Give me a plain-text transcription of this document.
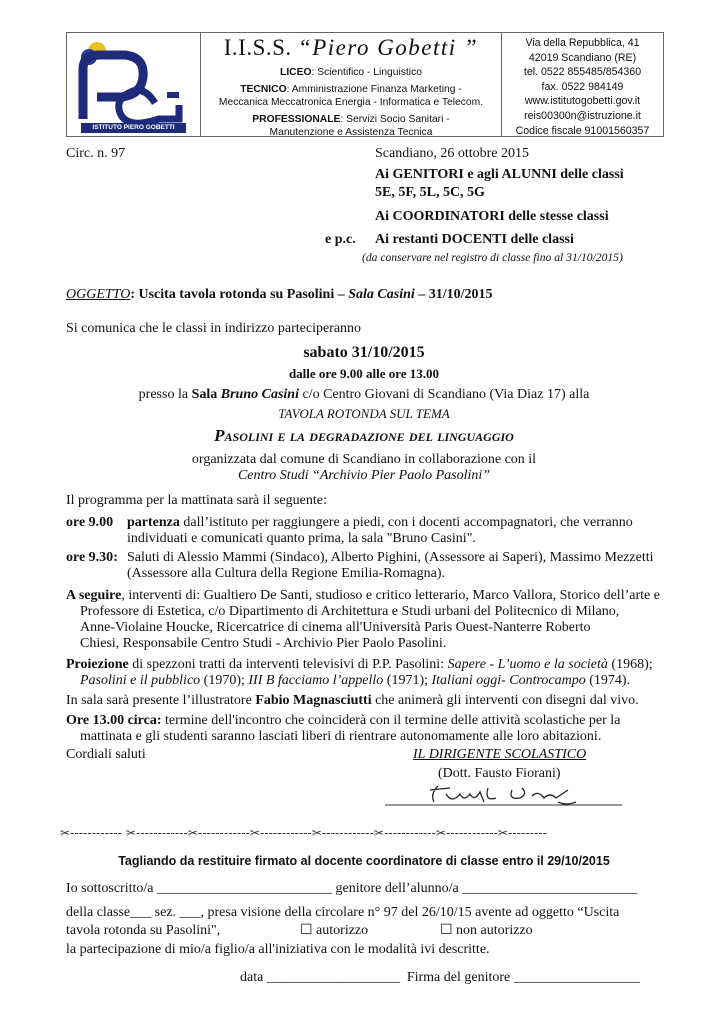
ISTITUTO PIERO GOBETTI
I.I.S.S. “Piero Gobetti ”
LICEO: Scientifico - Linguistico
TECNICO: Amministrazione Finanza Marketing -
Meccanica Meccatronica Energia - Informatica e Telecom.
PROFESSIONALE: Servizi Socio Sanitari -
Manutenzione e Assistenza Tecnica
Via della Repubblica, 41
42019 Scandiano (RE)
tel. 0522 855485/854360
fax. 0522 984149
www.istitutogobetti.gov.it
reis00300n@istruzione.it
Codice fiscale 91001560357
Circ. n. 97	Scandiano, 26 ottobre 2015
Ai GENITORI e agli ALUNNI delle classi
5E, 5F, 5L, 5C, 5G
Ai COORDINATORI delle stesse classi
e p.c. Ai restanti DOCENTI delle classi
(da conservare nel registro di classe fino al 31/10/2015)
OGGETTO: Uscita tavola rotonda su Pasolini – Sala Casini – 31/10/2015
Si comunica che le classi in indirizzo parteciperanno
sabato 31/10/2015
dalle ore 9.00 alle ore 13.00
presso la Sala Bruno Casini c/o Centro Giovani di Scandiano (Via Diaz 17) alla
TAVOLA ROTONDA SUL TEMA
Pasolini e la degradazione del linguaggio
organizzata dal comune di Scandiano in collaborazione con il
Centro Studi “Archivio Pier Paolo Pasolini”
Il programma per la mattinata sarà il seguente:
ore 9.00 partenza dall’istituto per raggiungere a piedi, con i docenti accompagnatori, che verranno
individuati e comunicati quanto prima, la sala "Bruno Casini".
ore 9.30: Saluti di Alessio Mammi (Sindaco), Alberto Pighini, (Assessore ai Saperi), Massimo Mezzetti
(Assessore alla Cultura della Regione Emilia-Romagna).
A seguire, interventi di: Gualtiero De Santi, studioso e critico letterario, Marco Vallora, Storico dell’arte e
Professore di Estetica, c/o Dipartimento di Architettura e Studi urbani del Politecnico di Milano,
Anne-Violaine Houcke, Ricercatrice di cinema all'Università Paris Ouest-Nanterre Roberto
Chiesi, Responsabile Centro Studi - Archivio Pier Paolo Pasolini.
Proiezione di spezzoni tratti da interventi televisivi di P.P. Pasolini: Sapere - L’uomo e la società (1968);
Pasolini e il pubblico (1970); III B facciamo l’appello (1971); Italiani oggi- Controcampo (1974).
In sala sarà presente l’illustratore Fabio Magnasciutti che animerà gli interventi con disegni dal vivo.
Ore 13.00 circa: termine dell'incontro che coinciderà con il termine delle attività scolastiche per la
mattinata e gli studenti saranno lasciati liberi di rientrare autonomamente alle loro abitazioni.
Cordiali saluti	IL DIRIGENTE SCOLASTICO
(Dott. Fausto Fiorani)
✂------------ ✂------------✂------------✂------------✂------------✂------------✂------------✂---------
Tagliando da restituire firmato al docente coordinatore di classe entro il 29/10/2015
Io sottoscritto/a _________________________ genitore dell’alunno/a _________________________
della classe___ sez. ___, presa visione della circolare n° 97 del 26/10/15 avente ad oggetto “Uscita
tavola rotonda su Pasolini",	☐ autorizzo	☐ non autorizzo
la partecipazione di mio/a figlio/a all'iniziativa con le modalità ivi descritte.
data ___________________  Firma del genitore __________________
